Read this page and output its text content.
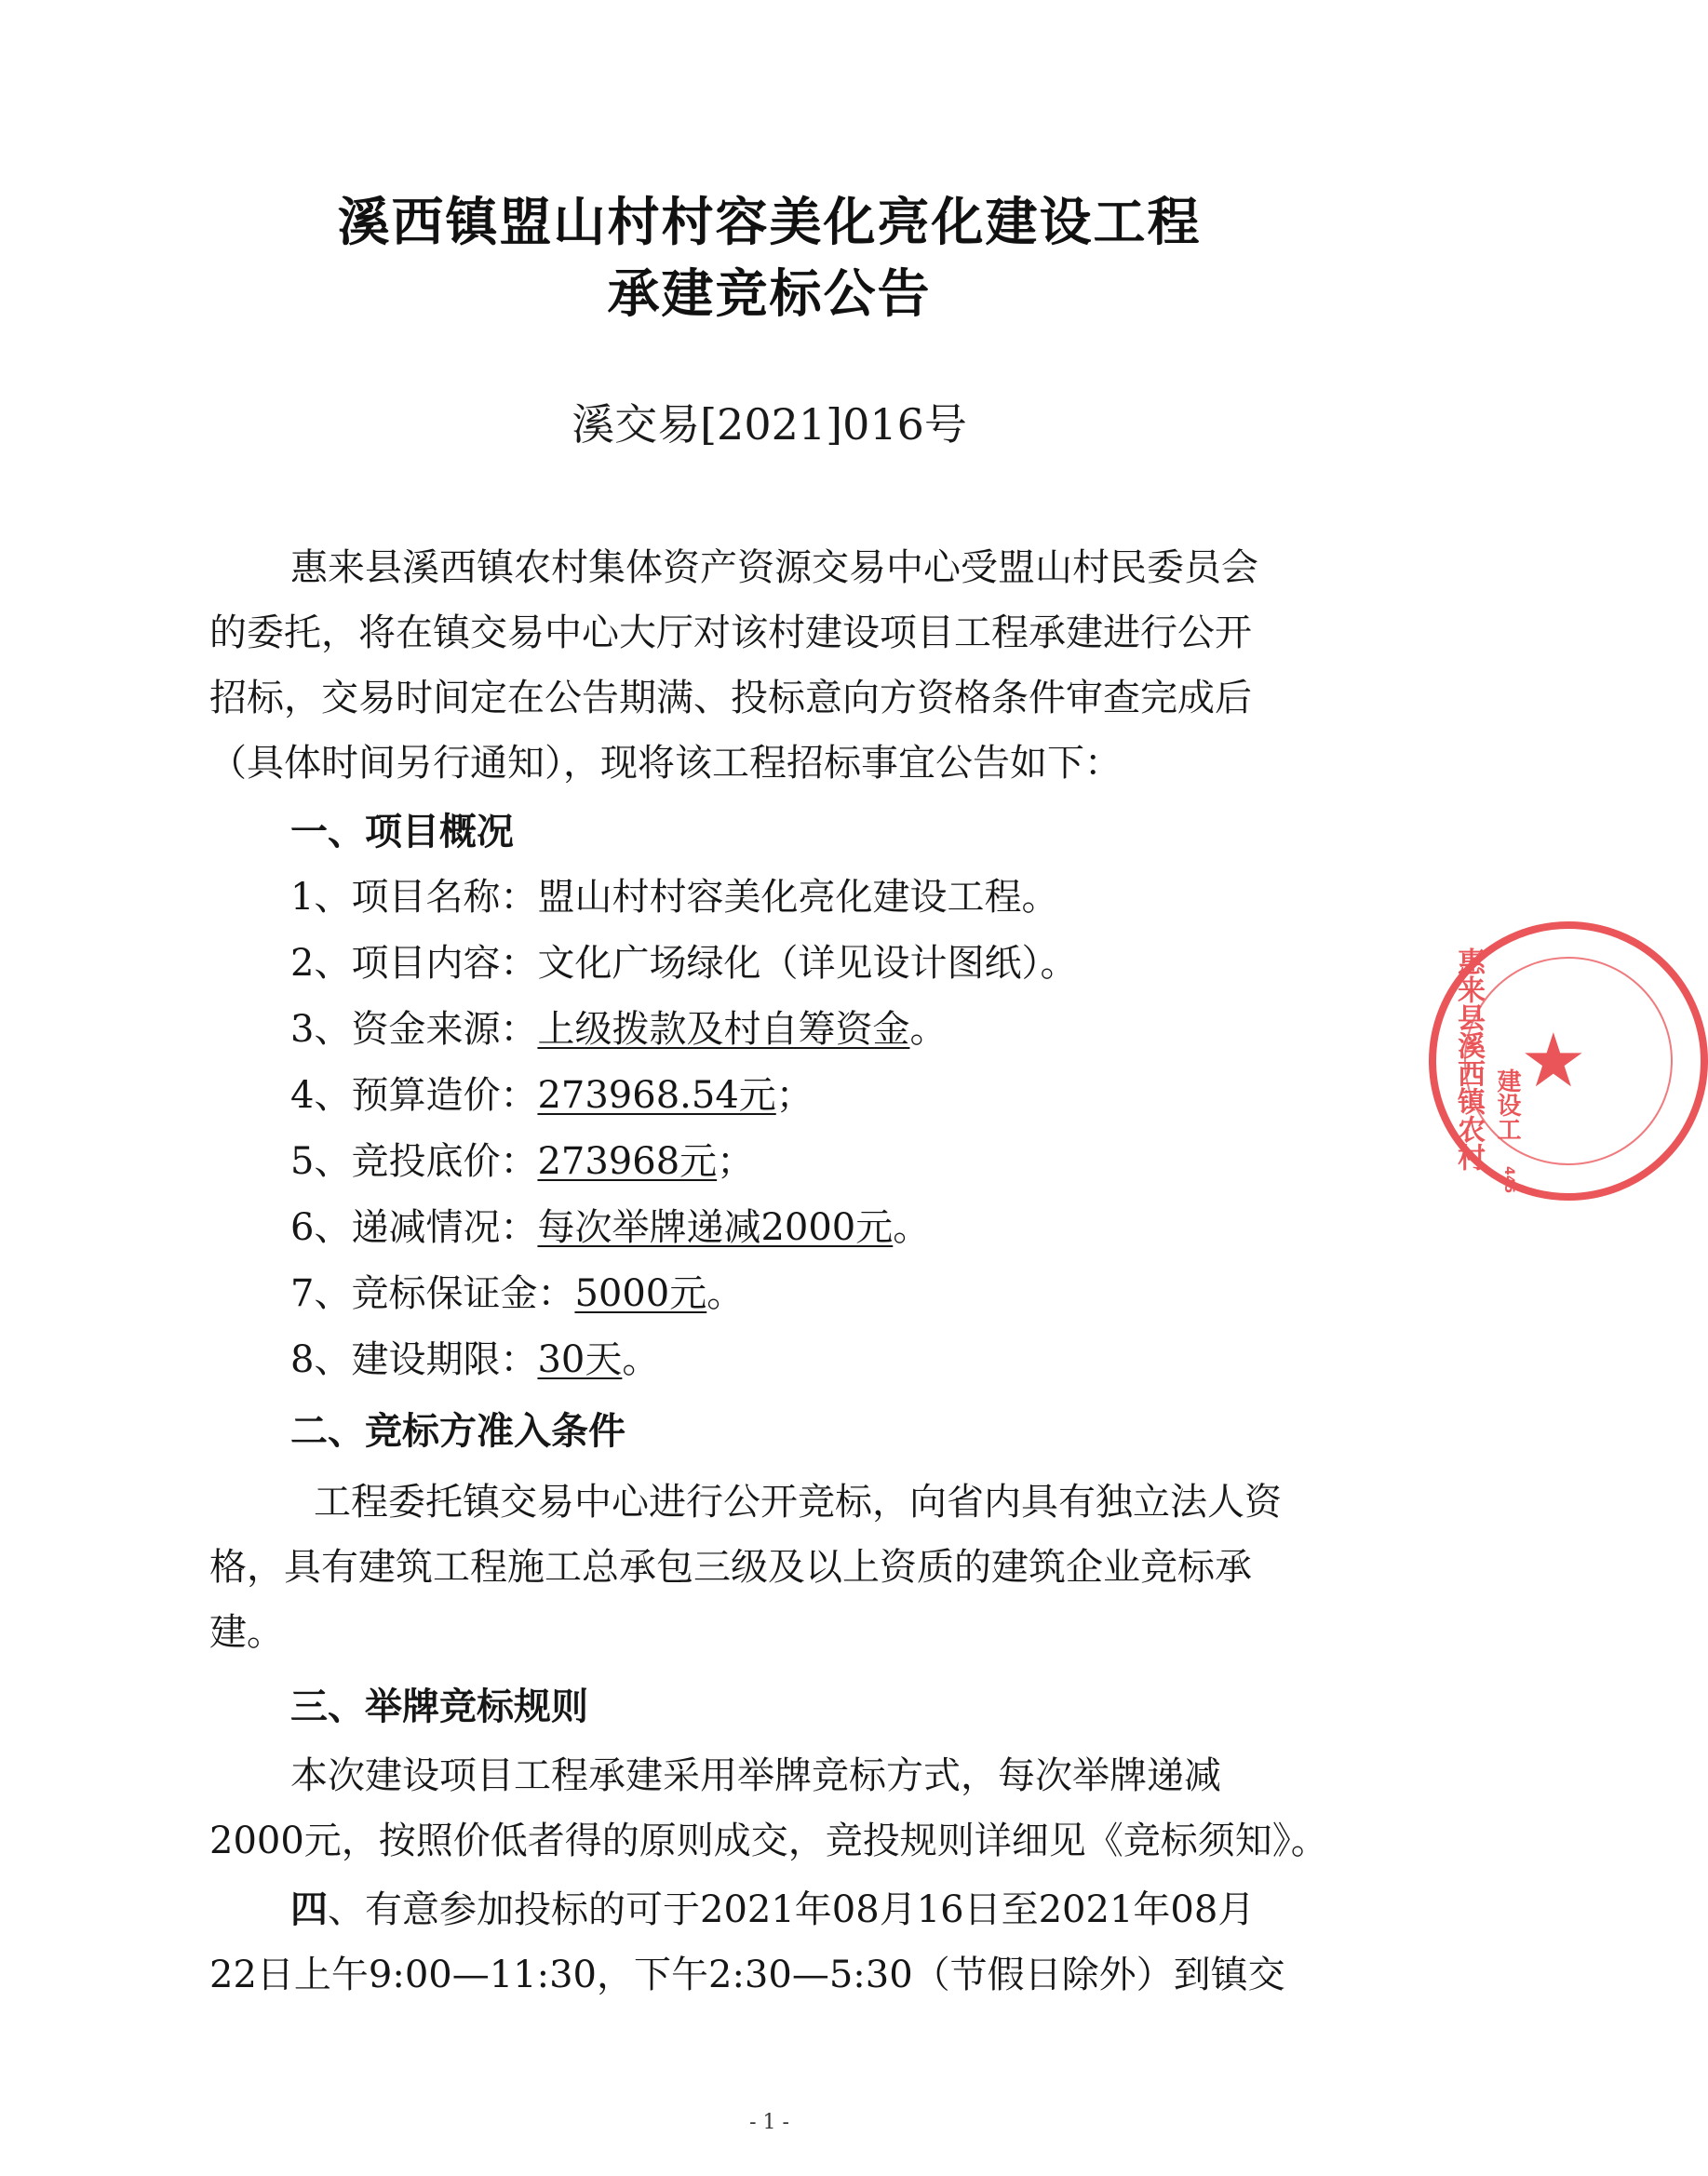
溪西镇盟山村村容美化亮化建设工程
承建竞标公告
溪交易[2021]016号
惠来县溪西镇农村集体资产资源交易中心受盟山村民委员会
的委托，将在镇交易中心大厅对该村建设项目工程承建进行公开
招标，交易时间定在公告期满、投标意向方资格条件审查完成后
（具体时间另行通知），现将该工程招标事宜公告如下：
一、项目概况
1、项目名称：盟山村村容美化亮化建设工程。
2、项目内容：文化广场绿化（详见设计图纸）。
3、资金来源：上级拨款及村自筹资金。
4、预算造价：273968.54元；
5、竞投底价：273968元；
6、递减情况：每次举牌递减2000元。
7、竞标保证金：5000元。
8、建设期限：30天。
二、竞标方准入条件
工程委托镇交易中心进行公开竞标，向省内具有独立法人资
格，具有建筑工程施工总承包三级及以上资质的建筑企业竞标承
建。
三、举牌竞标规则
本次建设项目工程承建采用举牌竞标方式，每次举牌递减
2000元，按照价低者得的原则成交，竞投规则详细见《竞标须知》。
四、有意参加投标的可于2021年08月16日至2021年08月
22日上午9:00—11:30，下午2:30—5:30（节假日除外）到镇交
- 1 -
★
惠来县溪西镇农村 建设工
445
